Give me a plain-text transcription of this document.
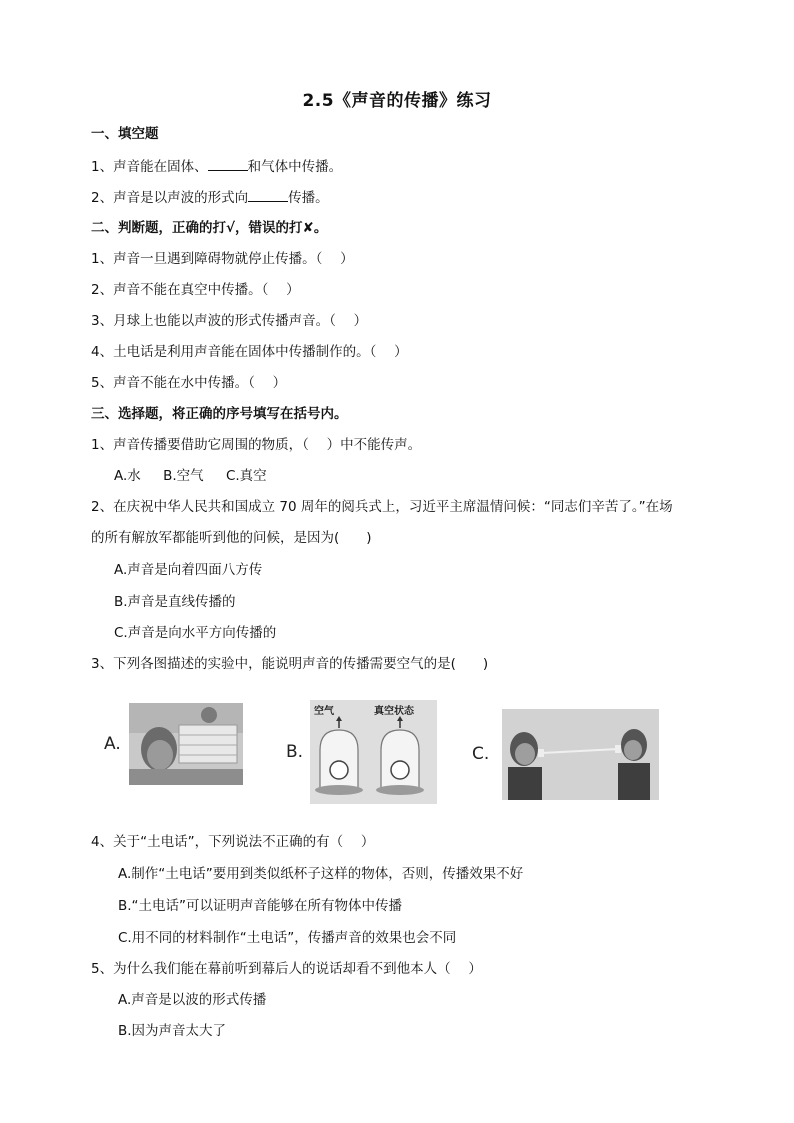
2.5《声音的传播》练习
一、填空题
1、声音能在固体、	和气体中传播。
2、声音是以声波的形式向	传播。
二、判断题，正确的打√，错误的打✘。
1、声音一旦遇到障碍物就停止传播。（　 ）
2、声音不能在真空中传播。（　 ）
3、月球上也能以声波的形式传播声音。（　 ）
4、土电话是利用声音能在固体中传播制作的。（　 ）
5、声音不能在水中传播。（　 ）
三、选择题，将正确的序号填写在括号内。
1、声音传播要借助它周围的物质，（　 ）中不能传声。
A.水 B.空气 C.真空
2、在庆祝中华人民共和国成立 70 周年的阅兵式上，习近平主席温情问候：“同志们辛苦了。”在场
的所有解放军都能听到他的问候，是因为(　　)
A.声音是向着四面八方传
B.声音是直线传播的
C.声音是向水平方向传播的
3、下列各图描述的实验中，能说明声音的传播需要空气的是(　　)
A.	B.
空气	真空状态
C.
4、关于“土电话”，下列说法不正确的有（　 ）
A.制作“土电话”要用到类似纸杯子这样的物体，否则，传播效果不好
B.“土电话”可以证明声音能够在所有物体中传播
C.用不同的材料制作“土电话”，传播声音的效果也会不同
5、为什么我们能在幕前听到幕后人的说话却看不到他本人（　 ）
A.声音是以波的形式传播
B.因为声音太大了
